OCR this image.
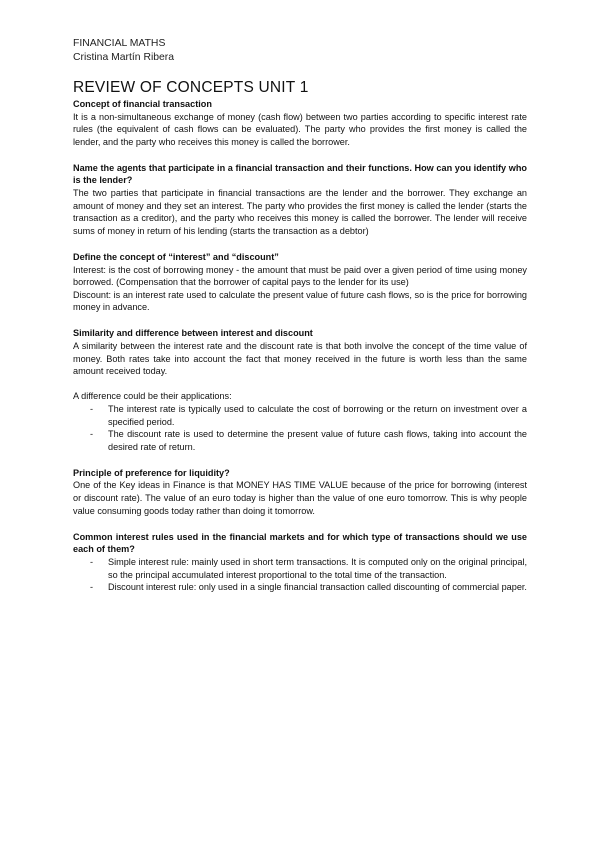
FINANCIAL MATHS
Cristina Martín Ribera
REVIEW OF CONCEPTS UNIT 1

Concept of financial transaction

It is a non-simultaneous exchange of money (cash flow) between two parties according to specific interest rate rules (the equivalent of cash flows can be evaluated). The party who provides the first money is called the lender, and the party who receives this money is called the borrower.

Name the agents that participate in a financial transaction and their functions. How can you identify who is the lender?

The two parties that participate in financial transactions are the lender and the borrower. They exchange an amount of money and they set an interest. The party who provides the first money is called the lender (starts the transaction as a creditor), and the party who receives this money is called the borrower. The lender will receive sums of money in return of his lending (starts the transaction as a debtor)

Define the concept of “interest” and “discount”

Interest: is the cost of borrowing money - the amount that must be paid over a given period of time using money borrowed. (Compensation that the borrower of capital pays to the lender for its use)

Discount: is an interest rate used to calculate the present value of future cash flows, so is the price for borrowing money in advance.

Similarity and difference between interest and discount

A similarity between the interest rate and the discount rate is that both involve the concept of the time value of money. Both rates take into account the fact that money received in the future is worth less than the same amount received today.

A difference could be their applications:

- The interest rate is typically used to calculate the cost of borrowing or the return on investment over a specified period.
- The discount rate is used to determine the present value of future cash flows, taking into account the desired rate of return.

Principle of preference for liquidity?

One of the Key ideas in Finance is that MONEY HAS TIME VALUE because of the price for borrowing (interest or discount rate). The value of an euro today is higher than the value of one euro tomorrow. This is why people value consuming goods today rather than doing it tomorrow.

Common interest rules used in the financial markets and for which type of transactions should we use each of them?

- Simple interest rule: mainly used in short term transactions. It is computed only on the original principal, so the principal accumulated interest proportional to the total time of the transaction.
- Discount interest rule: only used in a single financial transaction called discounting of commercial paper.
